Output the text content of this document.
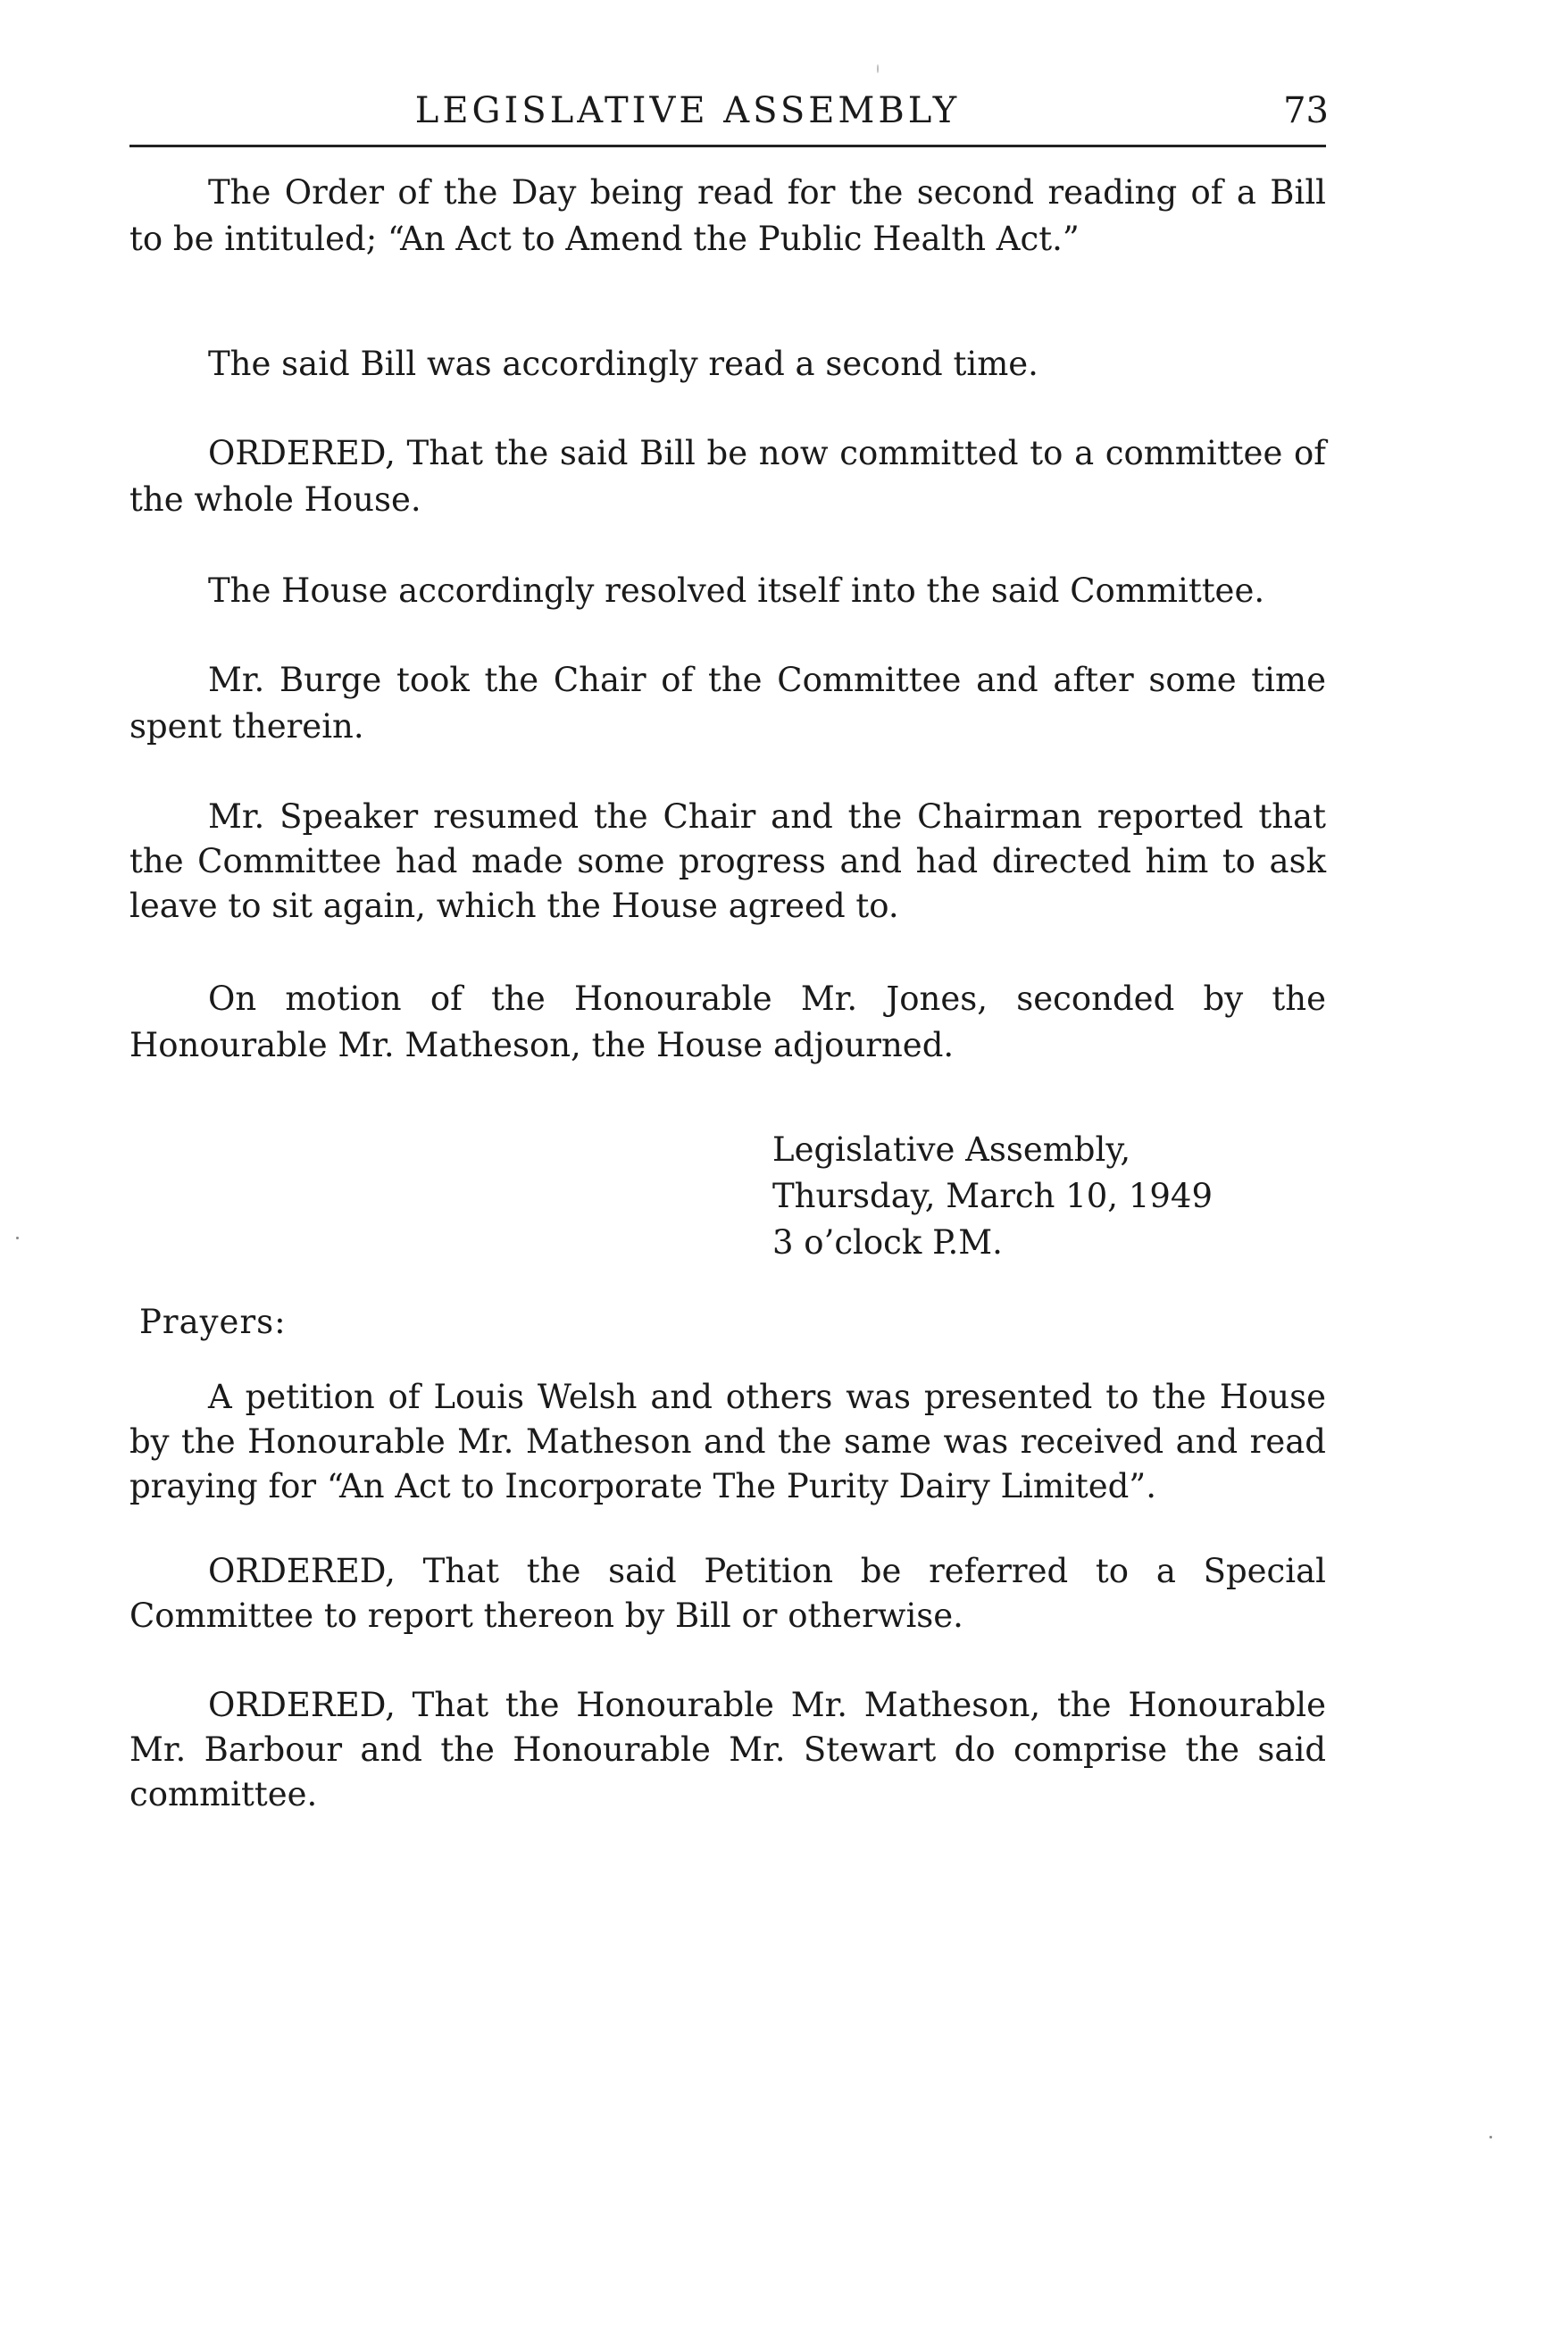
LEGISLATIVE ASSEMBLY	73

The Order of the Day being read for the second reading of a Bill to be intituled; “An Act to Amend the Public Health Act.”

The said Bill was accordingly read a second time.

ORDERED, That the said Bill be now committed to a committee of the whole House.

The House accordingly resolved itself into the said Committee.

Mr. Burge took the Chair of the Committee and after some time spent therein.

Mr. Speaker resumed the Chair and the Chairman reported that the Committee had made some progress and had directed him to ask leave to sit again, which the House agreed to.

On motion of the Honourable Mr. Jones, seconded by the Honourable Mr. Matheson, the House adjourned.

Legislative Assembly,
Thursday, March 10, 1949
3 o’clock P.M.
Prayers:

A petition of Louis Welsh and others was presented to the House by the Honourable Mr. Matheson and the same was received and read praying for “An Act to Incorporate The Purity Dairy Limited”.

ORDERED, That the said Petition be referred to a Special Committee to report thereon by Bill or otherwise.

ORDERED, That the Honourable Mr. Matheson, the Honourable Mr. Barbour and the Honourable Mr. Stewart do comprise the said committee.
